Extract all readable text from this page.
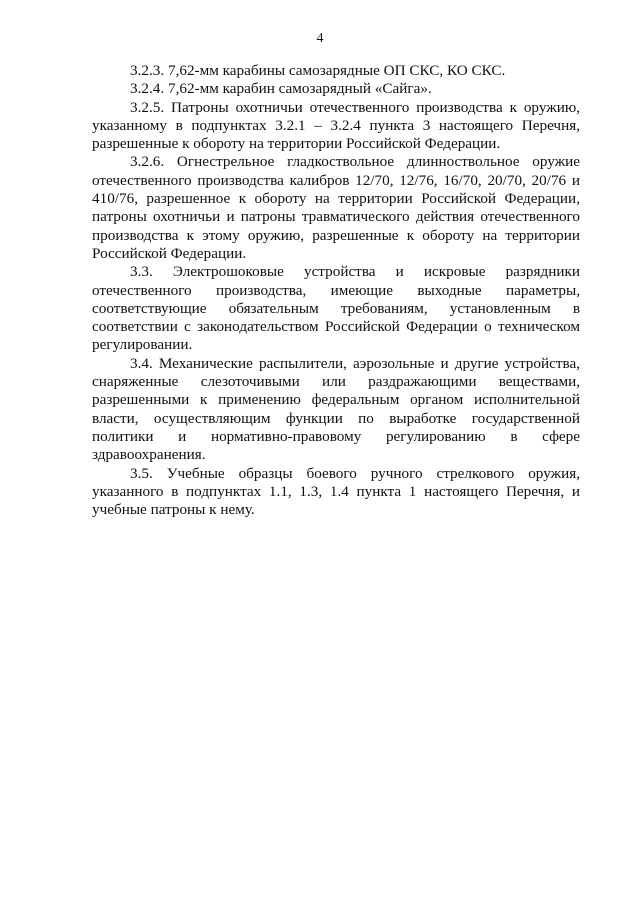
4

3.2.3. 7,62-мм карабины самозарядные ОП СКС, КО СКС.

3.2.4. 7,62-мм карабин самозарядный «Сайга».

3.2.5. Патроны охотничьи отечественного производства к оружию, указанному в подпунктах 3.2.1 – 3.2.4 пункта 3 настоящего Перечня, разрешенные к обороту на территории Российской Федерации.

3.2.6. Огнестрельное гладкоствольное длинноствольное оружие отечественного производства калибров 12/70, 12/76, 16/70, 20/70, 20/76 и 410/76, разрешенное к обороту на территории Российской Федерации, патроны охотничьи и патроны травматического действия отечественного производства к этому оружию, разрешенные к обороту на территории Российской Федерации.

3.3. Электрошоковые устройства и искровые разрядники отечественного производства, имеющие выходные параметры, соответствующие обязательным требованиям, установленным в соответствии с законодательством Российской Федерации о техническом регулировании.

3.4. Механические распылители, аэрозольные и другие устройства, снаряженные слезоточивыми или раздражающими веществами, разрешенными к применению федеральным органом исполнительной власти, осуществляющим функции по выработке государственной политики и нормативно-правовому регулированию в сфере здравоохранения.

3.5. Учебные образцы боевого ручного стрелкового оружия, указанного в подпунктах 1.1, 1.3, 1.4 пункта 1 настоящего Перечня, и учебные патроны к нему.
